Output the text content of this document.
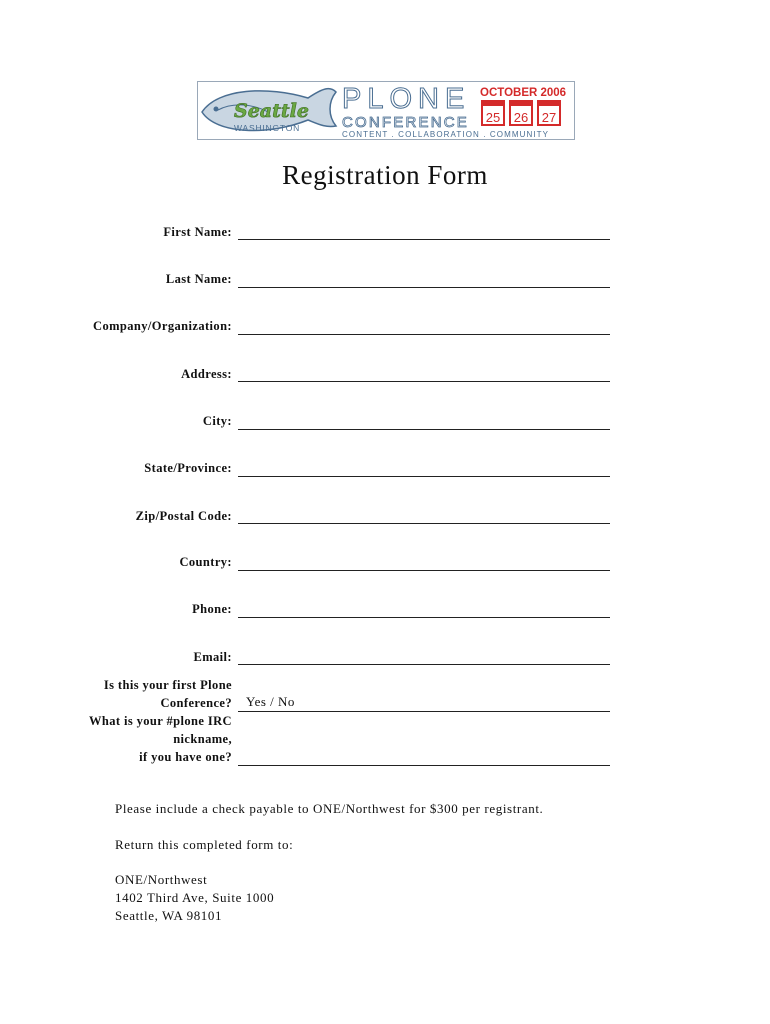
Seattle
WASHINGTON
PLONE
CONFERENCE
CONTENT . COLLABORATION . COMMUNITY
OCTOBER 2006
25 26 27
Registration Form
First Name:
Last Name:
Company/Organization:
Address:
City:
State/Province:
Zip/Postal Code:
Country:
Phone:
Email:
Is this your first Plone
Conference? Yes / No
What is your #plone IRC
nickname,
if you have one?
Please include a check payable to ONE/Northwest for $300 per registrant.
Return this completed form to:
ONE/Northwest
1402 Third Ave, Suite 1000
Seattle, WA 98101
